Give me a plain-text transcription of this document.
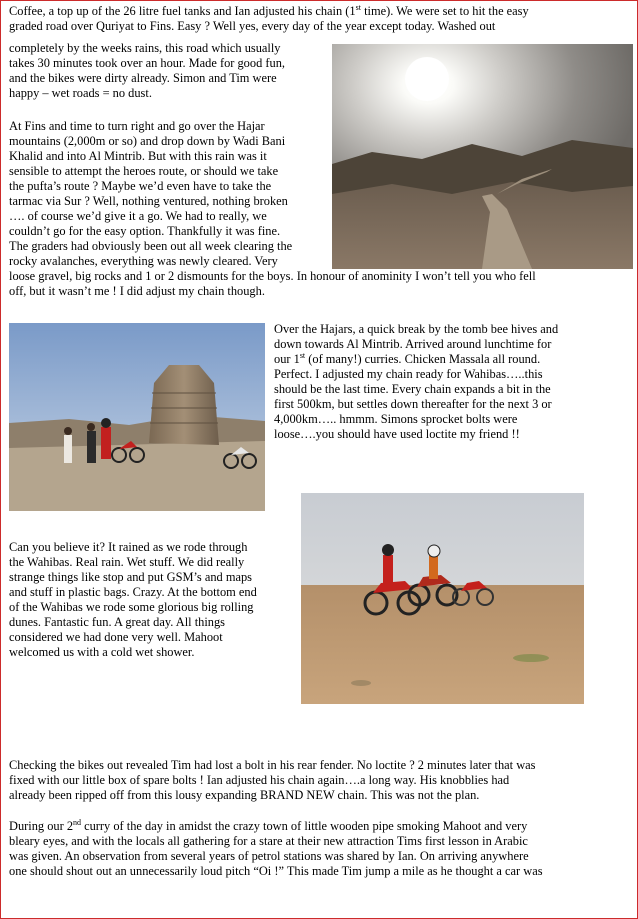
Coffee, a top up of the 26 litre fuel tanks and Ian adjusted his chain (1st time). We were set to hit the easy
graded road over Quriyat to Fins. Easy ? Well yes, every day of the year except today. Washed out

completely by the weeks rains, this road which usually
takes 30 minutes took over an hour. Made for good fun,
and the bikes were dirty already. Simon and Tim were
happy – wet roads = no dust.

At Fins and time to turn right and go over the Hajar
mountains (2,000m or so) and drop down by Wadi Bani
Khalid and into Al Mintrib. But with this rain was it
sensible to attempt the heroes route, or should we take
the pufta’s route ? Maybe we’d even have to take the
tarmac via Sur ? Well, nothing ventured, nothing broken
…. of course we’d give it a go. We had to really, we
couldn’t go for the easy option. Thankfully it was fine.
The graders had obviously been out all week clearing the
rocky avalanches, everything was newly cleared. Very

loose gravel, big rocks and 1 or 2 dismounts for the boys. In honour of anominity I won’t tell you who fell
off, but it wasn’t me ! I did adjust my chain though.

Over the Hajars, a quick break by the tomb bee hives and
down towards Al Mintrib. Arrived around lunchtime for
our 1st (of many!) curries. Chicken Massala all round.
Perfect. I adjusted my chain ready for Wahibas…..this
should be the last time. Every chain expands a bit in the
first 500km, but settles down thereafter for the next 3 or
4,000km….. hmmm. Simons sprocket bolts were
loose….you should have used loctite my friend !!

Can you believe it? It rained as we rode through
the Wahibas. Real rain. Wet stuff. We did really
strange things like stop and put GSM’s and maps
and stuff in plastic bags. Crazy. At the bottom end
of the Wahibas we rode some glorious big rolling
dunes. Fantastic fun. A great day. All things
considered we had done very well. Mahoot
welcomed us with a cold wet shower.

Checking the bikes out revealed Tim had lost a bolt in his rear fender. No loctite ? 2 minutes later that was
fixed with our little box of spare bolts ! Ian adjusted his chain again….a long way. His knobblies had
already been ripped off from this lousy expanding BRAND NEW chain. This was not the plan.

During our 2nd curry of the day in amidst the crazy town of little wooden pipe smoking Mahoot and very
bleary eyes, and with the locals all gathering for a stare at their new attraction Tims first lesson in Arabic
was given. An observation from several years of petrol stations was shared by Ian. On arriving anywhere
one should shout out an unnecessarily loud pitch “Oi !” This made Tim jump a mile as he thought a car was
